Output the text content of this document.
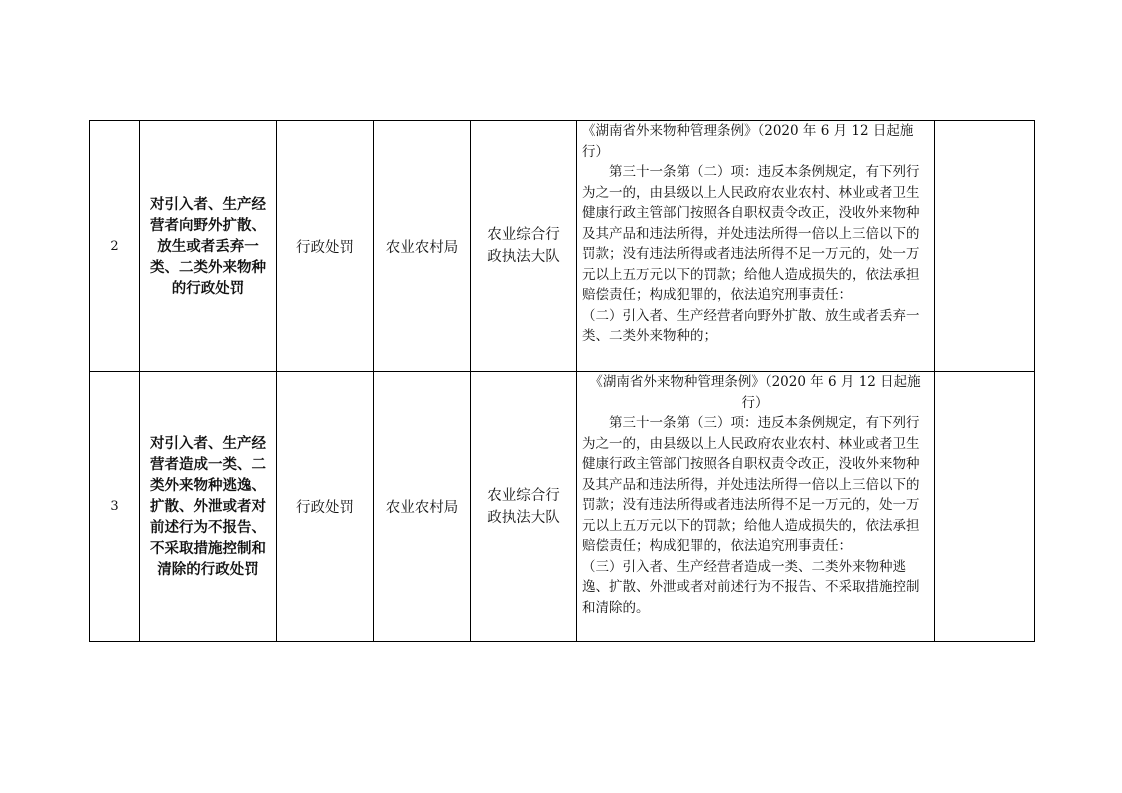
2	对引入者、生产经营者向野外扩散、放生或者丢弃一类、二类外来物种的行政处罚	行政处罚	农业农村局	农业综合行政执法大队	《湖南省外来物种管理条例》（2020 年 6 月 12 日起施行）

第三十一条第（二）项：违反本条例规定，有下列行为之一的，由县级以上人民政府农业农村、林业或者卫生健康行政主管部门按照各自职权责令改正，没收外来物种及其产品和违法所得，并处违法所得一倍以上三倍以下的罚款；没有违法所得或者违法所得不足一万元的，处一万元以上五万元以下的罚款；给他人造成损失的，依法承担赔偿责任；构成犯罪的，依法追究刑事责任：

（二）引入者、生产经营者向野外扩散、放生或者丢弃一类、二类外来物种的；	

3	对引入者、生产经营者造成一类、二类外来物种逃逸、扩散、外泄或者对前述行为不报告、不采取措施控制和清除的行政处罚	行政处罚	农业农村局	农业综合行政执法大队	《湖南省外来物种管理条例》（2020 年 6 月 12 日起施行）

第三十一条第（三）项：违反本条例规定，有下列行为之一的，由县级以上人民政府农业农村、林业或者卫生健康行政主管部门按照各自职权责令改正，没收外来物种及其产品和违法所得，并处违法所得一倍以上三倍以下的罚款；没有违法所得或者违法所得不足一万元的，处一万元以上五万元以下的罚款；给他人造成损失的，依法承担赔偿责任；构成犯罪的，依法追究刑事责任：

（三）引入者、生产经营者造成一类、二类外来物种逃逸、扩散、外泄或者对前述行为不报告、不采取措施控制和清除的。	
